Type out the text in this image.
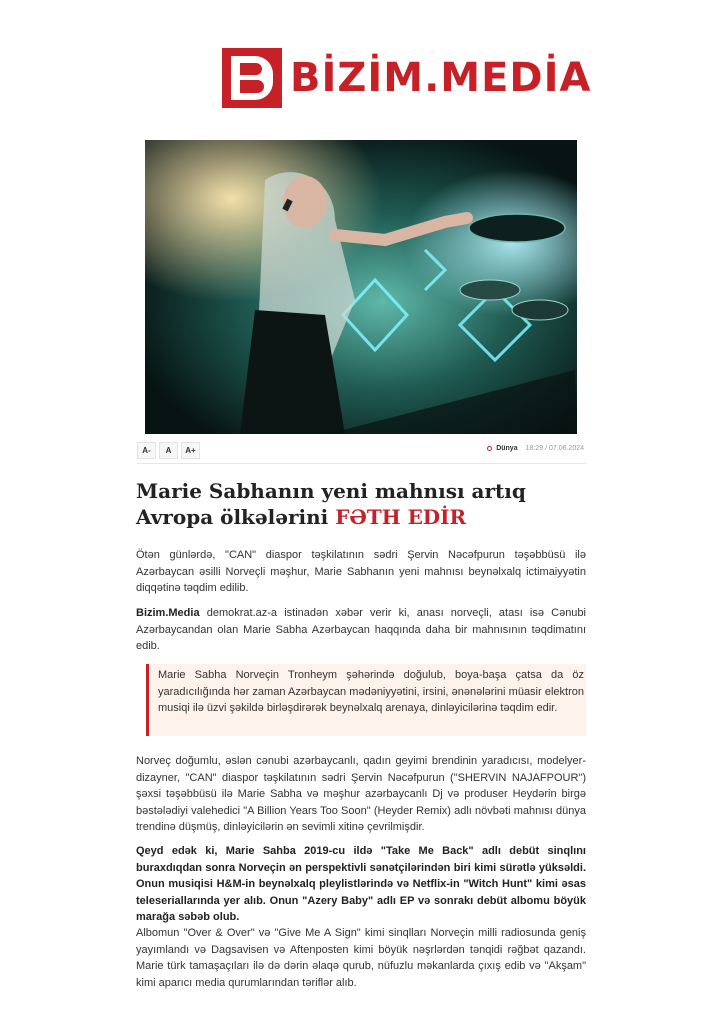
BİZİM.MEDİA
A-	A	A+	Dünya 18:29 / 07.06.2024
Marie Sabhanın yeni mahnısı artıq Avropa ölkələrini FƏTH EDİR

Ötən günlərdə, "CAN" diaspor təşkilatının sədri Şervin Nəcəfpurun təşəbbüsü ilə Azərbaycan əsilli Norveçli məşhur, Marie Sabhanın yeni mahnısı beynəlxalq ictimaiyyətin diqqətinə təqdim edilib.

Bizim.Media demokrat.az-a istinadən xəbər verir ki, anası norveçli, atası isə Cənubi Azərbaycandan olan Marie Sabha Azərbaycan haqqında daha bir mahnısının təqdimatını edib.

Marie Sabha Norveçin Tronheym şəhərində doğulub, boya-başa çatsa da öz yaradıcılığında hər zaman Azərbaycan mədəniyyətini, irsini, ənənələrini müasir elektron musiqi ilə üzvi şəkildə birləşdirərək beynəlxalq arenaya, dinləyicilərinə təqdim edir.

Norveç doğumlu, əslən cənubi azərbaycanlı, qadın geyimi brendinin yaradıcısı, modelyer-dizayner, "CAN" diaspor təşkilatının sədri Şervin Nəcəfpurun ("SHERVIN NAJAFPOUR") şəxsi təşəbbüsü ilə Marie Sabha və məşhur azərbaycanlı Dj və produser Heydərin birgə bəstələdiyi valehedici "A Billion Years Too Soon" (Heyder Remix) adlı növbəti mahnısı dünya trendinə düşmüş, dinləyicilərin ən sevimli xitinə çevrilmişdir.

Qeyd edək ki, Marie Sahba 2019-cu ildə "Take Me Back" adlı debüt sinqlını buraxdıqdan sonra Norveçin ən perspektivli sənətçilərindən biri kimi sürətlə yüksəldi. Onun musiqisi H&M-in beynəlxalq pleylistlərində və Netflix-in "Witch Hunt" kimi əsas teleseriallarında yer alıb. Onun "Azery Baby" adlı EP və sonrakı debüt albomu böyük marağa səbəb olub.

Albomun "Over & Over" və "Give Me A Sign" kimi sinqlları Norveçin milli radiosunda geniş yayımlandı və Dagsavisen və Aftenposten kimi böyük nəşrlərdən tənqidi rəğbət qazandı. Marie türk tamaşaçıları ilə də dərin əlaqə qurub, nüfuzlu məkanlarda çıxış edib və "Akşam" kimi aparıcı media qurumlarından təriflər alıb.
